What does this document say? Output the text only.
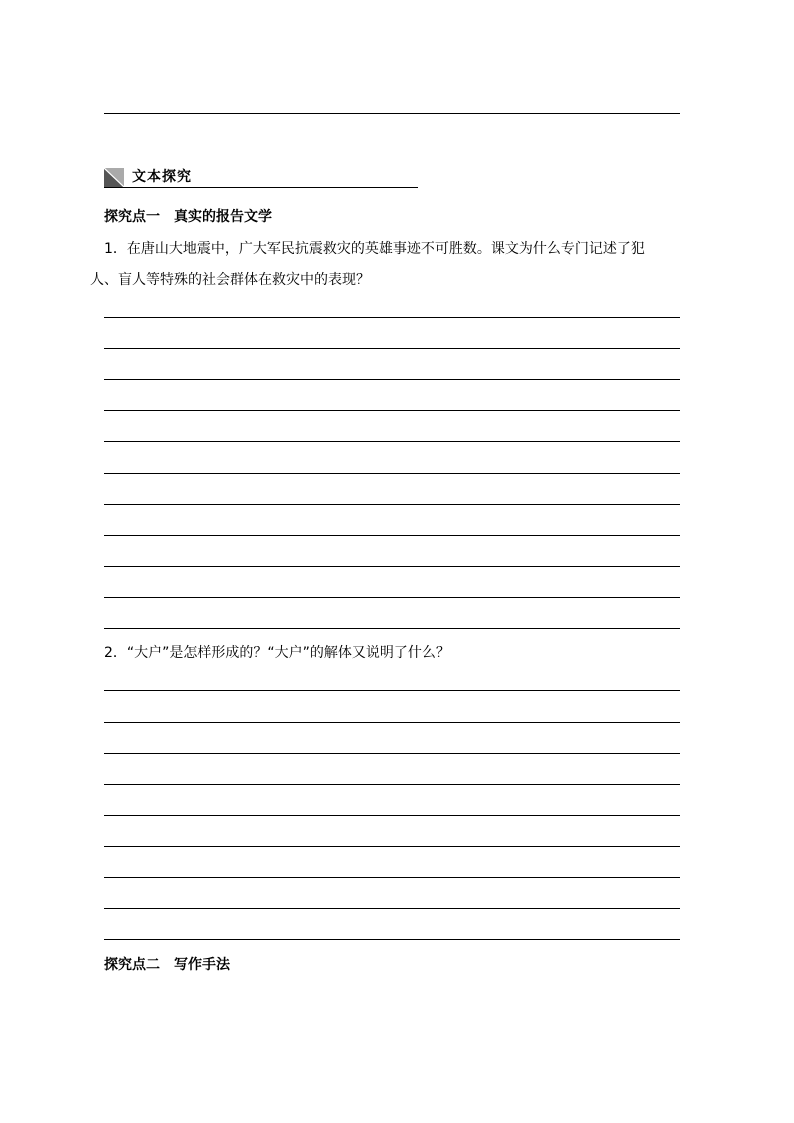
文本探究
探究点一 真实的报告文学
1．在唐山大地震中，广大军民抗震救灾的英雄事迹不可胜数。课文为什么专门记述了犯
人、盲人等特殊的社会群体在救灾中的表现？
2．“大户”是怎样形成的？“大户”的解体又说明了什么？
探究点二 写作手法
